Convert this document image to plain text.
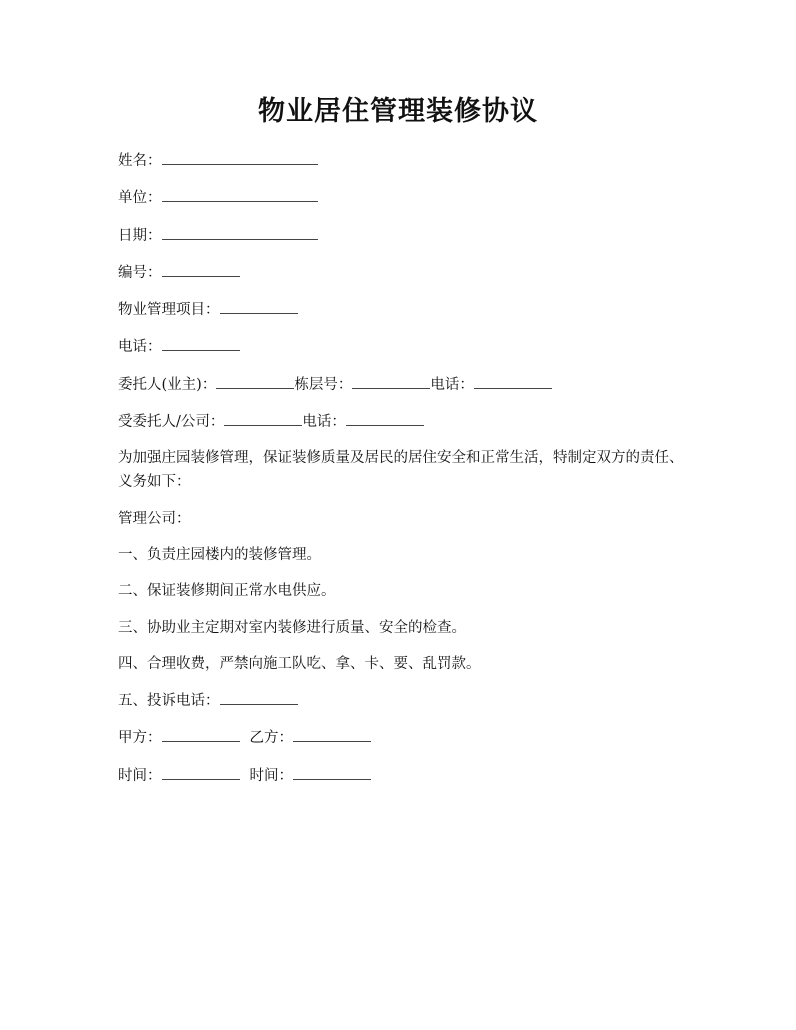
物业居住管理装修协议
姓名：
单位：
日期：
编号：
物业管理项目：
电话：
委托人(业主)：	栋层号：	电话：
受委托人/公司：	电话：
为加强庄园装修管理，保证装修质量及居民的居住安全和正常生活，特制定双方的责任、义务如下：
管理公司：
一、负责庄园楼内的装修管理。
二、保证装修期间正常水电供应。
三、协助业主定期对室内装修进行质量、安全的检查。
四、合理收费，严禁向施工队吃、拿、卡、要、乱罚款。
五、投诉电话：
甲方：	乙方：
时间：	时间：
